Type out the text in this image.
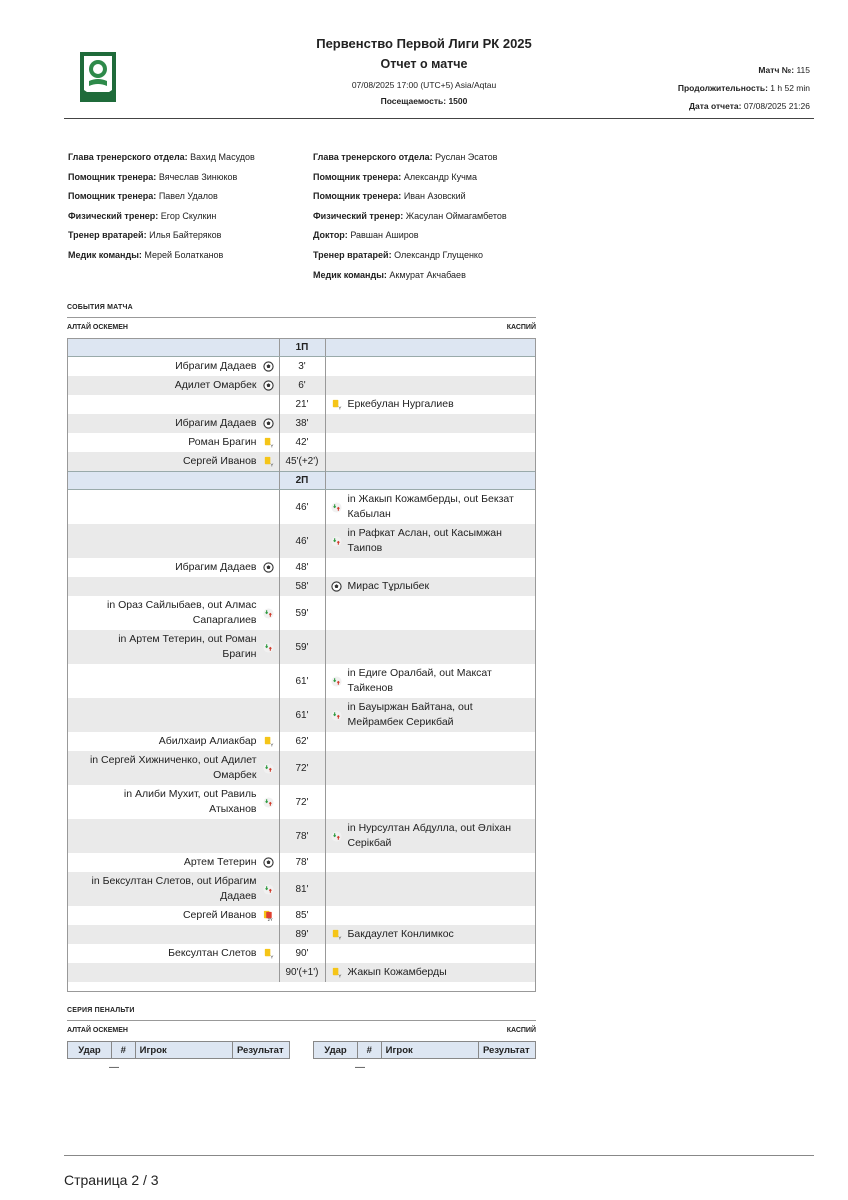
Первенство Первой Лиги РК 2025
Отчет о матче
07/08/2025 17:00 (UTC+5) Asia/Aqtau
Посещаемость: 1500
Матч №: 115
Продолжительность: 1 h 52 min
Дата отчета: 07/08/2025 21:26
Глава тренерского отдела: Вахид Масудов
Помощник тренера: Вячеслав Зинюков
Помощник тренера: Павел Удалов
Физический тренер: Егор Скулкин
Тренер вратарей: Илья Байтеряков
Медик команды: Мерей Болатканов
Глава тренерского отдела: Руслан Эсатов
Помощник тренера: Александр Кучма
Помощник тренера: Иван Азовский
Физический тренер: Жасулан Оймагамбетов
Доктор: Равшан Аширов
Тренер вратарей: Олександр Глущенко
Медик команды: Акмурат Акчабаев
СОБЫТИЯ МАТЧА
АЛТАЙ ОСКЕМЕН	КАСПИЙ
	1П	

Ибрагим Дадаев	3'	

Адилет Омарбек	6'	
	21'	Y Еркебулан Нургалиев

Ибрагим Дадаев	38'	

Роман Брагин Y	42'	

Сергей Иванов Y	45'(+2')	
	2П	
	46'	in Жакып Кожамберды, out Бекзат Кабылан

	46'	in Рафкат Аслан, out Касымжан Таипов

Ибрагим Дадаев	48'	
	58'	Мирас Тұрлыбек

in Ораз Сайлыбаев, out Алмас Сапаргалиев	59'	

in Артем Тетерин, out Роман Брагин	59'	
	61'	in Едиге Оралбай, out Максат Тайкенов

	61'	in Бауыржан Байтана, out Мейрамбек Серикбай

Абилхаир Алиакбар Y	62'	

in Сергей Хижниченко, out Адилет Омарбек	72'	

in Алиби Мухит, out Равиль Атыханов	72'	
	78'	in Нурсултан Абдулла, out Әліхан Серікбай

Артем Тетерин	78'	

in Бексултан Слетов, out Ибрагим Дадаев	81'	

Сергей Иванов 2Y	85'	
	89'	Y Бакдаулет Конлимкос

Бексултан Слетов Y	90'	
	90'(+1')	Y Жакып Кожамберды
СЕРИЯ ПЕНАЛЬТИ
АЛТАЙ ОСКЕМЕН	КАСПИЙ
Удар	#	Игрок	Результат
—
Удар	#	Игрок	Результат
—
Страница 2 / 3
